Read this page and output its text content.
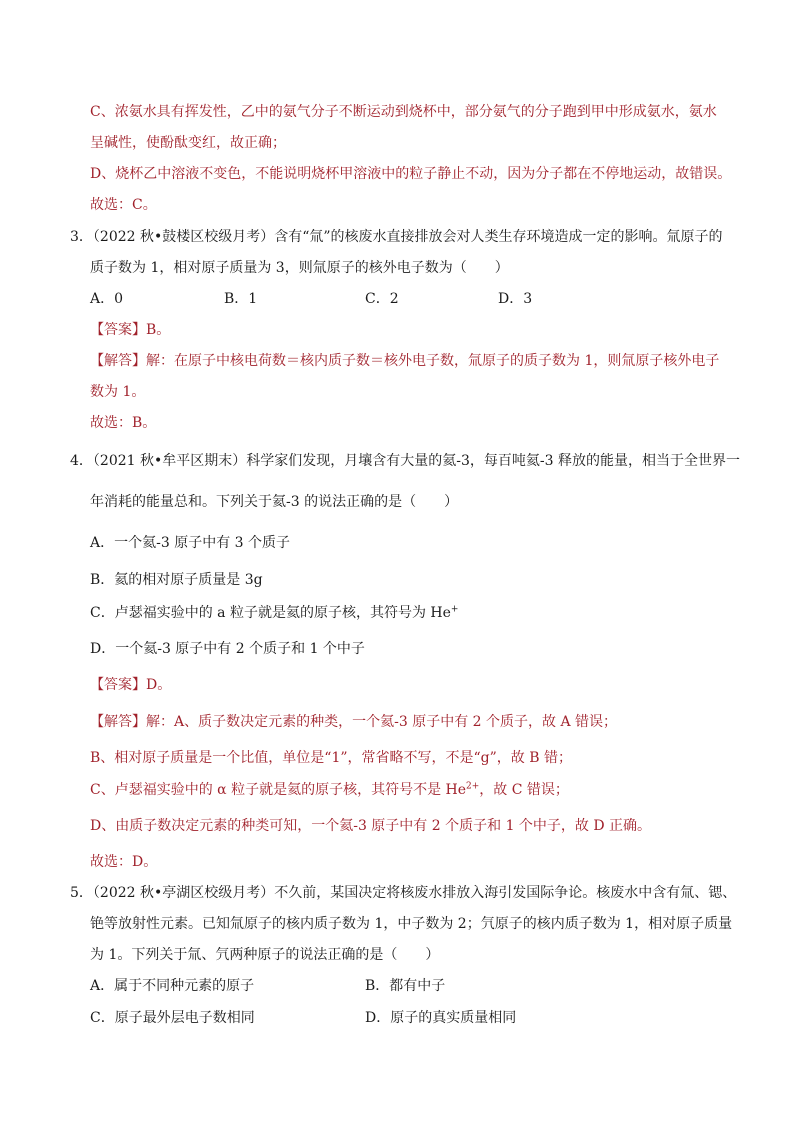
C、浓氨水具有挥发性，乙中的氨气分子不断运动到烧杯中，部分氨气的分子跑到甲中形成氨水，氨水
呈碱性，使酚酞变红，故正确；
D、烧杯乙中溶液不变色，不能说明烧杯甲溶液中的粒子静止不动，因为分子都在不停地运动，故错误。
故选：C。
3．（2022 秋•鼓楼区校级月考）含有“氚”的核废水直接排放会对人类生存环境造成一定的影响。氚原子的
质子数为 1，相对原子质量为 3，则氚原子的核外电子数为（　　）
A．0	B．1	C．2	D．3
【答案】B。
【解答】解：在原子中核电荷数＝核内质子数＝核外电子数，氚原子的质子数为 1，则氚原子核外电子
数为 1。
故选：B。
4．（2021 秋•牟平区期末）科学家们发现，月壤含有大量的氦-3，每百吨氦-3 释放的能量，相当于全世界一
年消耗的能量总和。下列关于氦-3 的说法正确的是（　　）
A．一个氦-3 原子中有 3 个质子
B．氦的相对原子质量是 3g
C．卢瑟福实验中的 a 粒子就是氦的原子核，其符号为 He+
D．一个氦-3 原子中有 2 个质子和 1 个中子
【答案】D。
【解答】解：A、质子数决定元素的种类，一个氦-3 原子中有 2 个质子，故 A 错误；
B、相对原子质量是一个比值，单位是“1”，常省略不写，不是“g”，故 B 错；
C、卢瑟福实验中的 α 粒子就是氦的原子核，其符号不是 $He^{2+}$，故 C 错误；
D、由质子数决定元素的种类可知，一个氦-3 原子中有 2 个质子和 1 个中子，故 D 正确。
故选：D。
5．（2022 秋•亭湖区校级月考）不久前，某国决定将核废水排放入海引发国际争论。核废水中含有氚、锶、
铯等放射性元素。已知氚原子的核内质子数为 1，中子数为 2；氕原子的核内质子数为 1，相对原子质量
为 1。下列关于氚、氕两种原子的说法正确的是（　　）
A．属于不同种元素的原子	B．都有中子
C．原子最外层电子数相同	D．原子的真实质量相同
